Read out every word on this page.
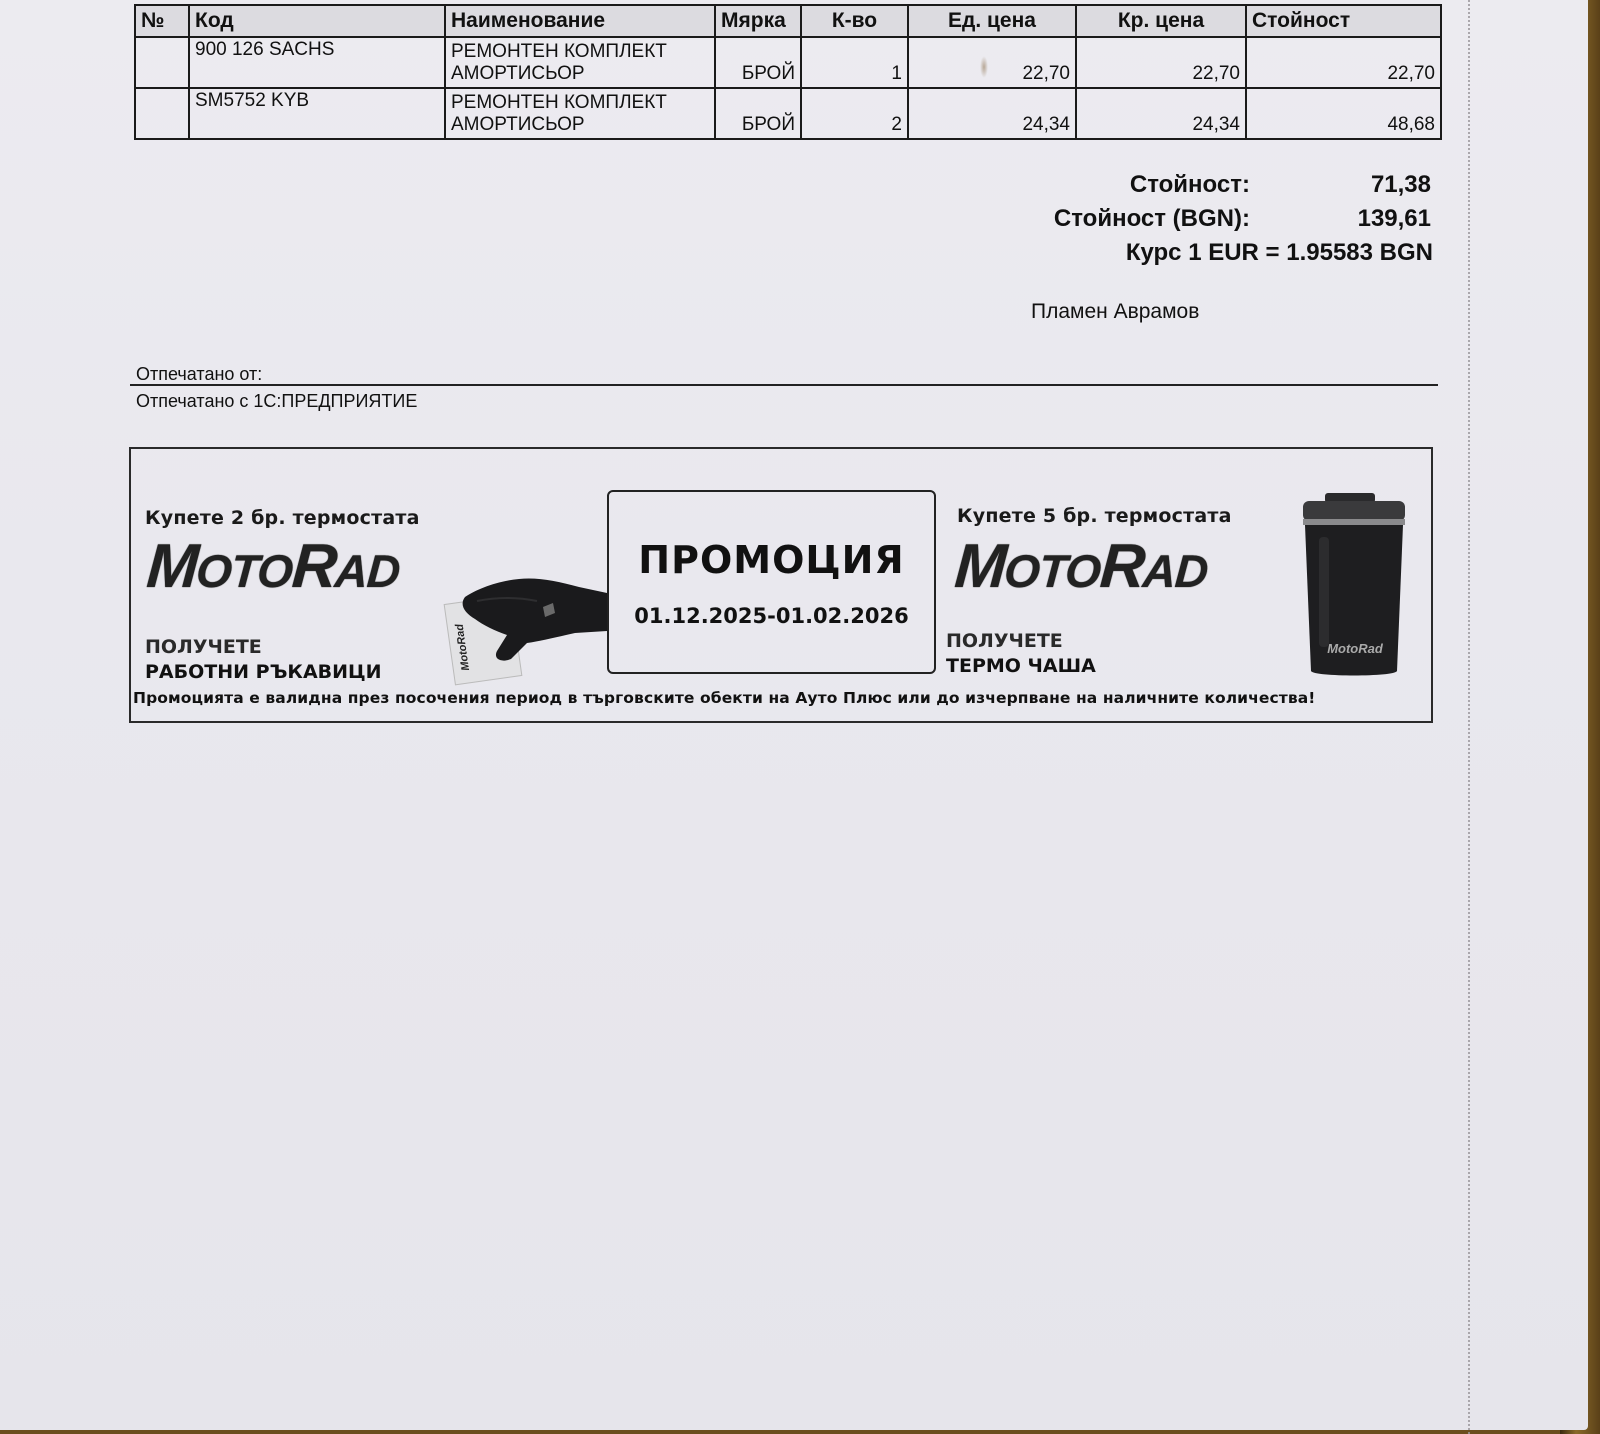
№	Код	Наименование	Мярка	К-во	Ед. цена	Кр. цена	Стойност
	900 126 SACHS	РЕМОНТЕН КОМПЛЕКТ
АМОРТИСЬОР	БРОЙ	1	22,70	22,70	22,70
	SM5752 KYB	РЕМОНТЕН КОМПЛЕКТ
АМОРТИСЬОР	БРОЙ	2	24,34	24,34	48,68
Стойност:	71,38
Стойност (BGN):	139,61
Курс 1 EUR = 1.95583 BGN
Пламен Аврамов
Отпечатано от:
Отпечатано с 1С:ПРЕДПРИЯТИЕ
Купете 2 бр. термостата
MOTORAD
ПОЛУЧЕТЕ
РАБОТНИ РЪКАВИЦИ
MotoRad
ПРОМОЦИЯ
01.12.2025-01.02.2026
Купете 5 бр. термостата
MOTORAD
ПОЛУЧЕТЕ
ТЕРМО ЧАША
MotoRad
Промоцията е валидна през посочения период в търговските обекти на Ауто Плюс или до изчерпване на наличните количества!
